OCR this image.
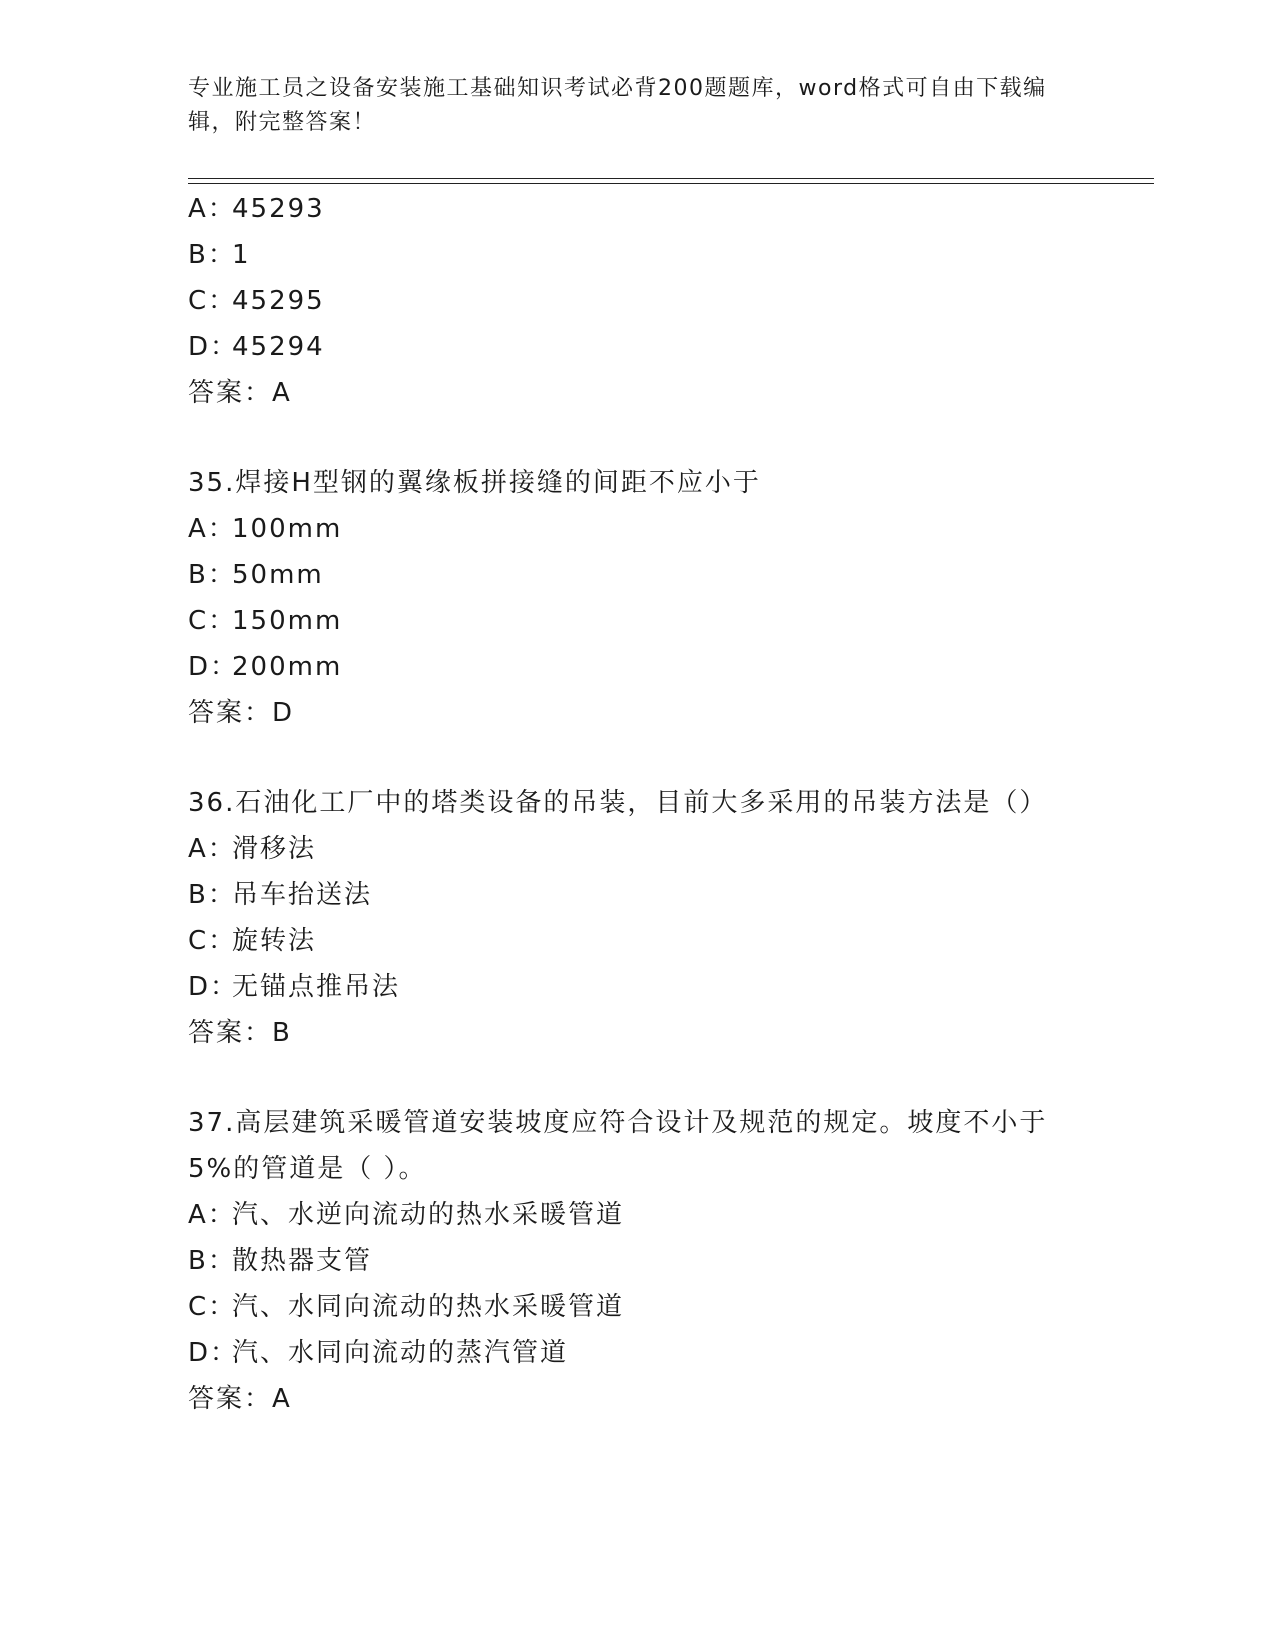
专业施工员之设备安装施工基础知识考试必背200题题库，word格式可自由下载编辑，附完整答案！
A：45293
B：1
C：45295
D：45294
答案：A
35.焊接H型钢的翼缘板拼接缝的间距不应小于
A：100mm
B：50mm
C：150mm
D：200mm
答案：D
36.石油化工厂中的塔类设备的吊装，目前大多采用的吊装方法是（）
A：滑移法
B：吊车抬送法
C：旋转法
D：无锚点推吊法
答案：B
37.高层建筑采暖管道安装坡度应符合设计及规范的规定。坡度不小于5%的管道是（ ）。
A：汽、水逆向流动的热水采暖管道
B：散热器支管
C：汽、水同向流动的热水采暖管道
D：汽、水同向流动的蒸汽管道
答案：A
